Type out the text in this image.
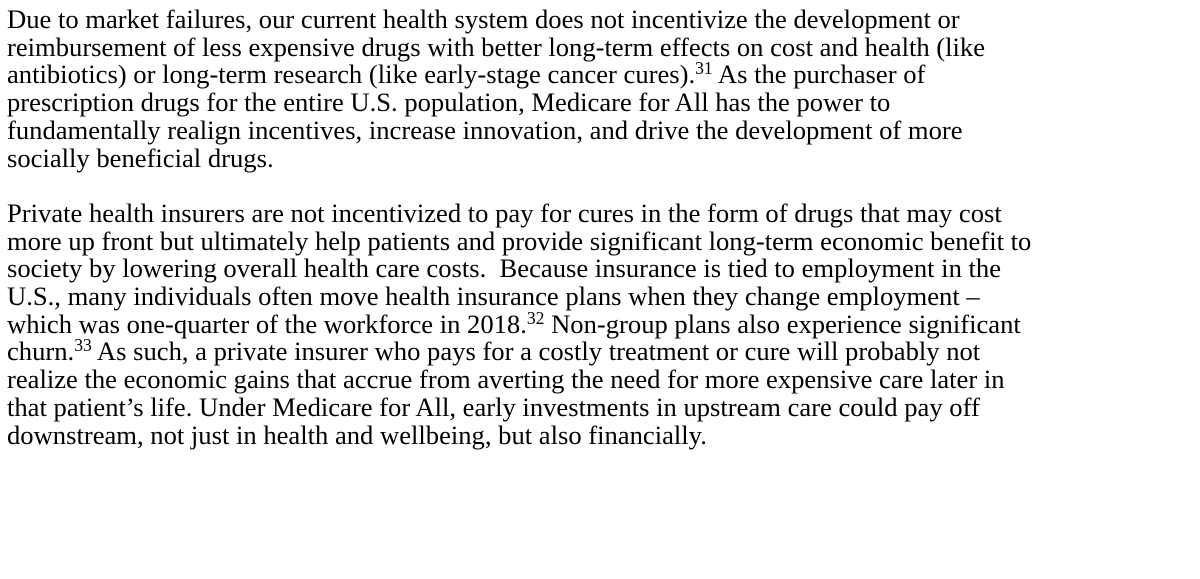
Due to market failures, our current health system does not incentivize the development or
reimbursement of less expensive drugs with better long-term effects on cost and health (like
antibiotics) or long-term research (like early-stage cancer cures).$^{31}$ As the purchaser of
prescription drugs for the entire U.S. population, Medicare for All has the power to
fundamentally realign incentives, increase innovation, and drive the development of more
socially beneficial drugs.

Private health insurers are not incentivized to pay for cures in the form of drugs that may cost
more up front but ultimately help patients and provide significant long-term economic benefit to
society by lowering overall health care costs.  Because insurance is tied to employment in the
U.S., many individuals often move health insurance plans when they change employment –
which was one-quarter of the workforce in 2018.32 Non-group plans also experience significant
churn.$^{33}$ As such, a private insurer who pays for a costly treatment or cure will probably not
realize the economic gains that accrue from averting the need for more expensive care later in
that patient’s life. Under Medicare for All, early investments in upstream care could pay off
downstream, not just in health and wellbeing, but also financially.
